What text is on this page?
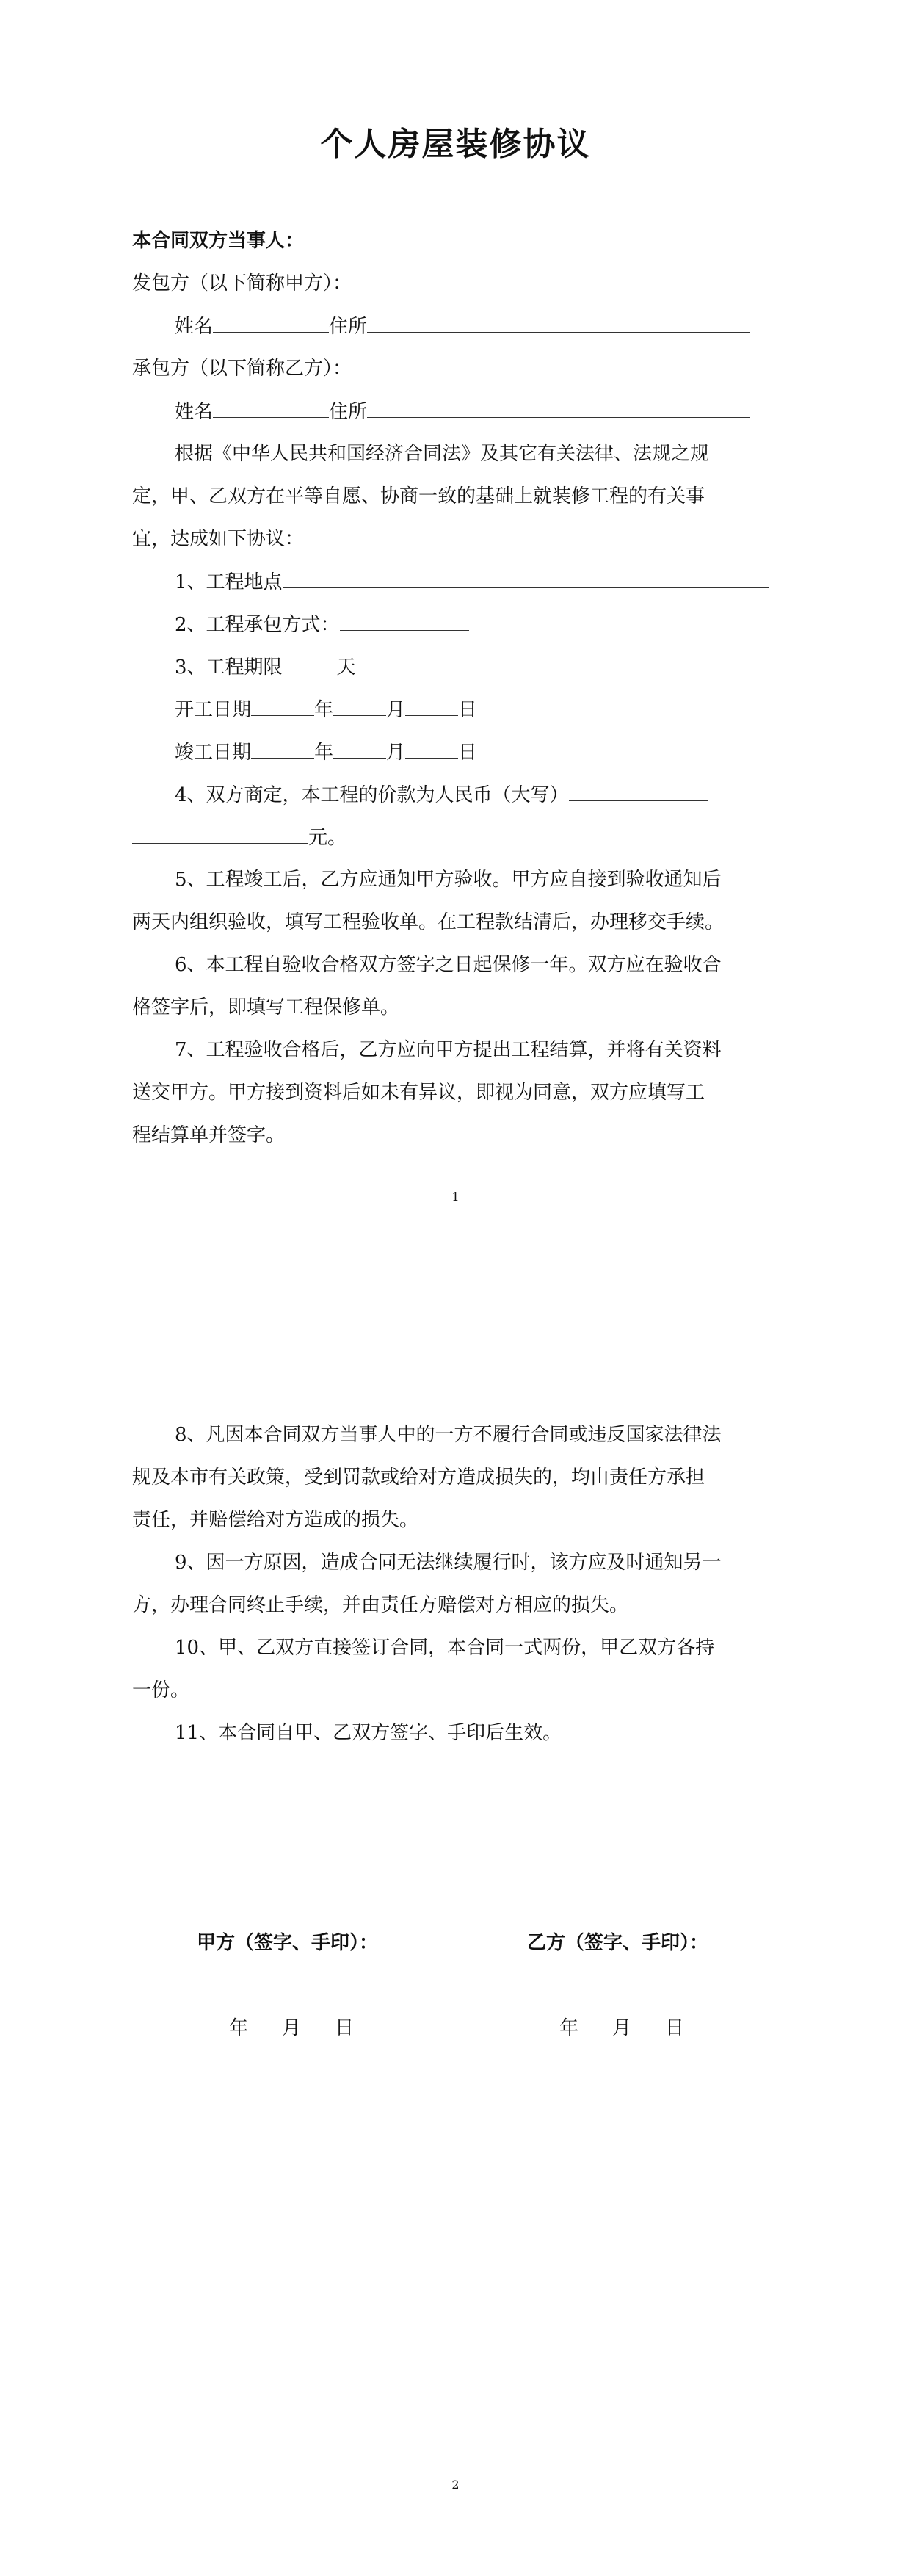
个人房屋装修协议
本合同双方当事人：
发包方（以下简称甲方）：
姓名	住所
承包方（以下简称乙方）：
姓名	住所
根据《中华人民共和国经济合同法》及其它有关法律、法规之规
定，甲、乙双方在平等自愿、协商一致的基础上就装修工程的有关事
宜，达成如下协议：
1、工程地点
2、工程承包方式：
3、工程期限	天
开工日期	年	月	日
竣工日期	年	月	日
4、双方商定，本工程的价款为人民币（大写）
元。
5、工程竣工后，乙方应通知甲方验收。甲方应自接到验收通知后
两天内组织验收，填写工程验收单。在工程款结清后，办理移交手续。
6、本工程自验收合格双方签字之日起保修一年。双方应在验收合
格签字后，即填写工程保修单。
7、工程验收合格后，乙方应向甲方提出工程结算，并将有关资料
送交甲方。甲方接到资料后如未有异议，即视为同意，双方应填写工
程结算单并签字。
1
8、凡因本合同双方当事人中的一方不履行合同或违反国家法律法
规及本市有关政策，受到罚款或给对方造成损失的，均由责任方承担
责任，并赔偿给对方造成的损失。
9、因一方原因，造成合同无法继续履行时，该方应及时通知另一
方，办理合同终止手续，并由责任方赔偿对方相应的损失。
10、甲、乙双方直接签订合同，本合同一式两份，甲乙双方各持
一份。
11、本合同自甲、乙双方签字、手印后生效。
甲方（签字、手印）：	乙方（签字、手印）：
年 月 日	年 月 日
2
